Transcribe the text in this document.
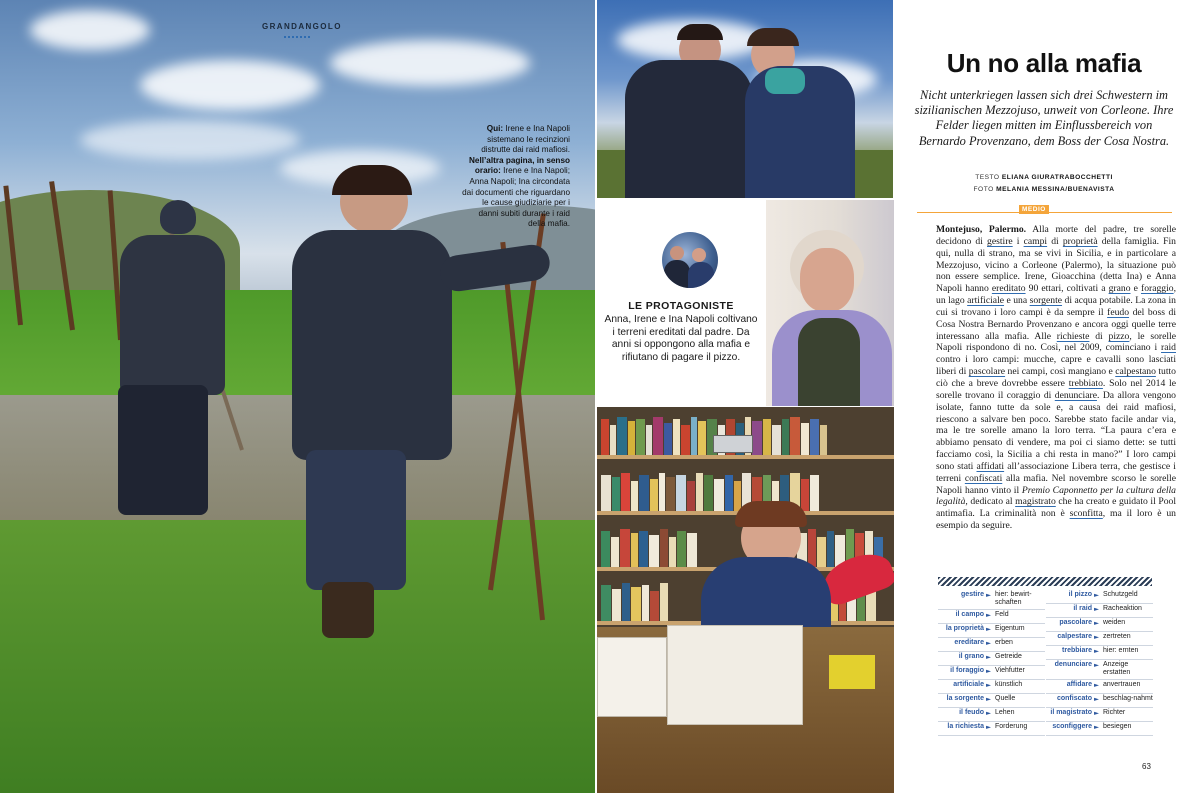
GRANDANGOLO
Qui: Irene e Ina Napoli sistemano le recinzioni distrutte dai raid mafiosi.
Nell’altra pagina, in senso orario: Irene e Ina Napoli; Anna Napoli; Ina circondata dai documenti che riguardano le cause giudiziarie per i danni subiti durante i raid della mafia.
LE PROTAGONISTE
Anna, Irene e Ina Napoli coltivano i terreni ereditati dal padre. Da anni si oppongono alla mafia e rifiutano di pagare il pizzo.
Un no alla mafia
Nicht unterkriegen lassen sich drei Schwestern im sizilianischen Mezzojuso, unweit von Corleone. Ihre Felder liegen mitten im Einflussbereich von Bernardo Provenzano, dem Boss der Cosa Nostra.
TESTO ELIANA GIURATRABOCCHETTI
FOTO MELANIA MESSINA/BUENAVISTA
MEDIO
Montejuso, Palermo. Alla morte del padre, tre sorelle decidono di gestire i campi di proprietà della famiglia. Fin qui, nulla di strano, ma se vivi in Sicilia, e in particolare a Mezzojuso, vicino a Corleone (Palermo), la situazione può non essere semplice. Irene, Gioacchina (detta Ina) e Anna Napoli hanno ereditato 90 ettari, coltivati a grano e foraggio, un lago artificiale e una sorgente di acqua potabile. La zona in cui si trovano i loro campi è da sempre il feudo del boss di Cosa Nostra Bernardo Provenzano e ancora oggi quelle terre interessano alla mafia. Alle richieste di pizzo, le sorelle Napoli rispondono di no. Così, nel 2009, cominciano i raid contro i loro campi: mucche, capre e cavalli sono lasciati liberi di pascolare nei campi, così mangiano e calpestano tutto ciò che a breve dovrebbe essere trebbiato. Solo nel 2014 le sorelle trovano il coraggio di denunciare. Da allora vengono isolate, fanno tutte da sole e, a causa dei raid mafiosi, riescono a salvare ben poco. Sarebbe stato facile andar via, ma le tre sorelle amano la loro terra. “La paura c’era e abbiamo pensato di vendere, ma poi ci siamo dette: se tutti facciamo così, la Sicilia a chi resta in mano?” I loro campi sono stati affidati all’associazione Libera terra, che gestisce i terreni confiscati alla mafia. Nel novembre scorso le sorelle Napoli hanno vinto il Premio Caponnetto per la cultura della legalità, dedicato al magistrato che ha creato e guidato il Pool antimafia. La criminalità non è sconfitta, ma il loro è un esempio da seguire.
gestire ► hier: bewirt-schaften
il campo ► Feld
la proprietà ► Eigentum
ereditare ► erben
il grano ► Getreide
il foraggio ► Viehfutter
artificiale ► künstlich
la sorgente ► Quelle
il feudo ► Lehen
la richiesta ► Forderung
il pizzo ► Schutzgeld
il raid ► Racheaktion
pascolare ► weiden
calpestare ► zertreten
trebbiare ► hier: ernten
denunciare ► Anzeige erstatten
affidare ► anvertrauen
confiscato ► beschlag-nahmt
il magistrato ► Richter
sconfiggere ► besiegen
63
